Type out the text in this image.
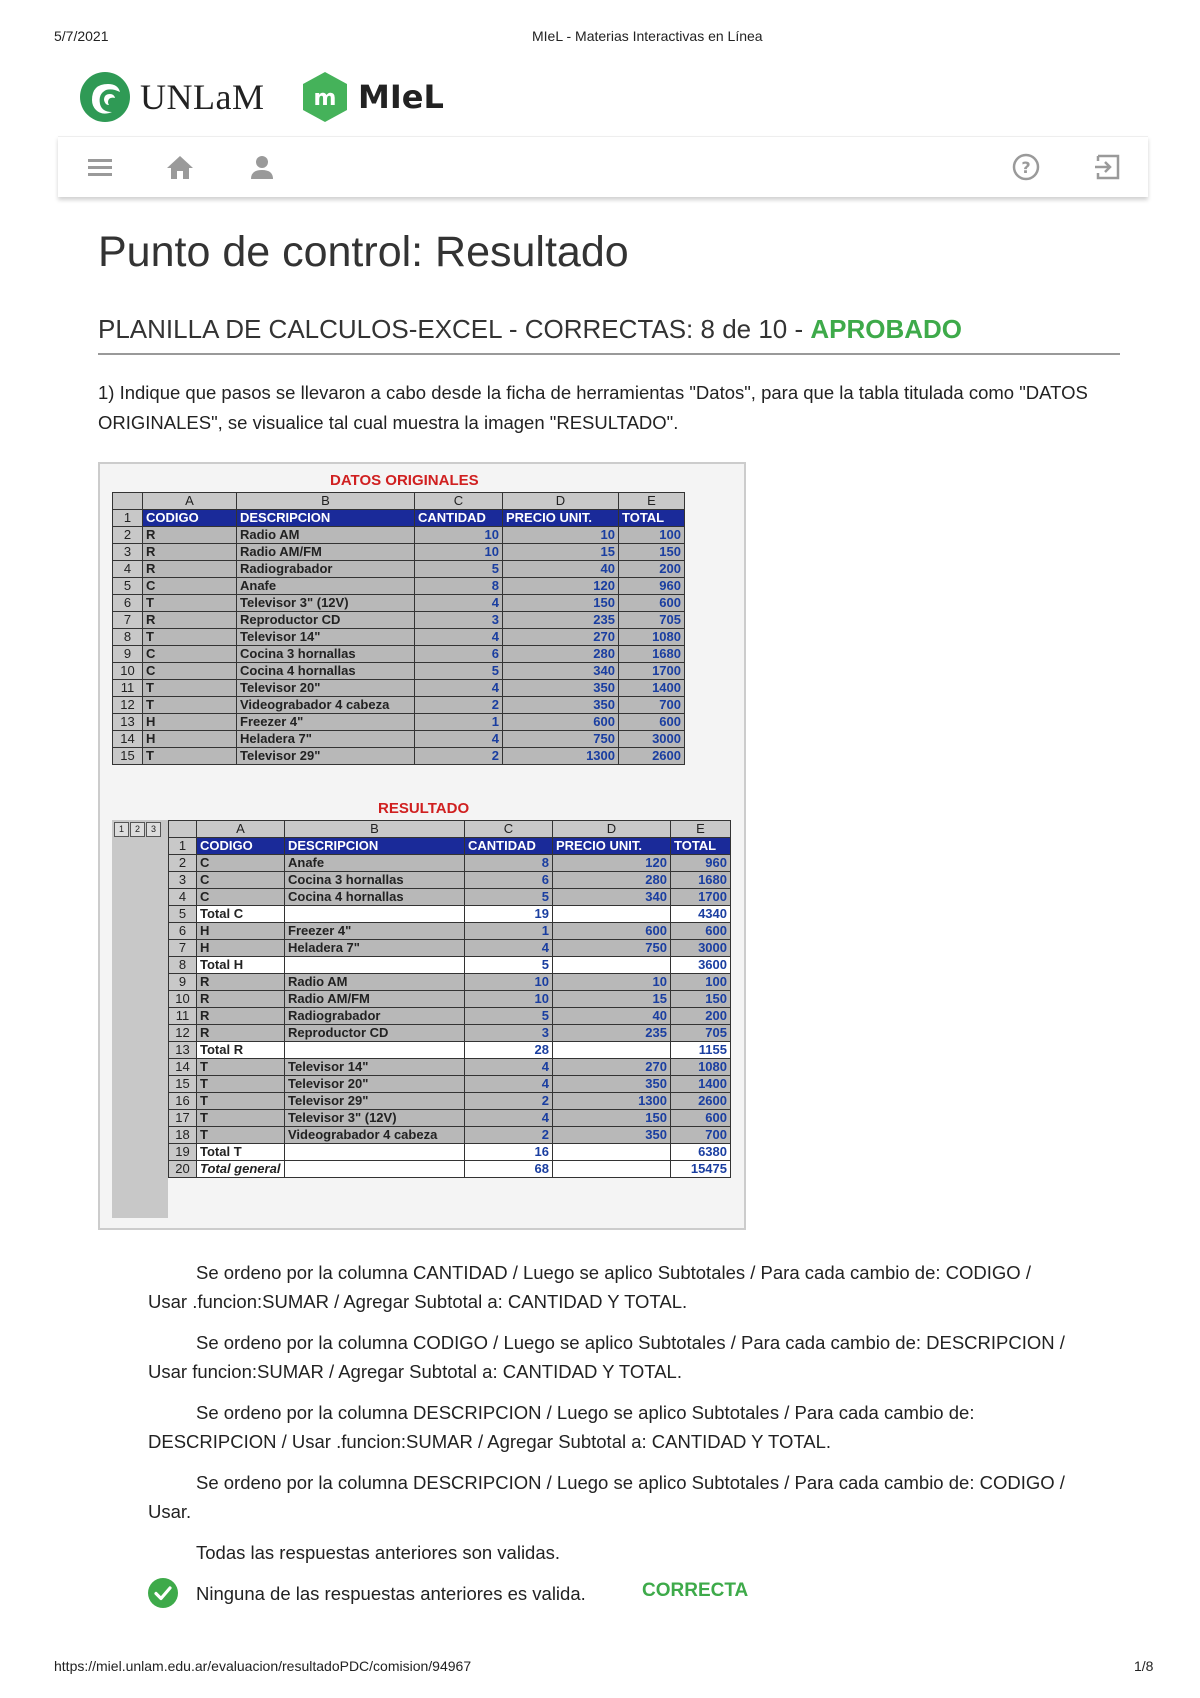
5/7/2021	MIeL - Materias Interactivas en Línea
UNLaM m MIeL
?
Punto de control: Resultado
PLANILLA DE CALCULOS-EXCEL - CORRECTAS: 8 de 10 - APROBADO
1) Indique que pasos se llevaron a cabo desde la ficha de herramientas "Datos", para que la tabla titulada como "DATOS ORIGINALES", se visualice tal cual muestra la imagen "RESULTADO".
DATOS ORIGINALES
	A	B	C	D	E
1	CODIGO	DESCRIPCION	CANTIDAD	PRECIO UNIT.	TOTAL
2	R	Radio AM	10	10	100
3	R	Radio AM/FM	10	15	150
4	R	Radiograbador	5	40	200
5	C	Anafe	8	120	960
6	T	Televisor 3" (12V)	4	150	600
7	R	Reproductor CD	3	235	705
8	T	Televisor 14"	4	270	1080
9	C	Cocina 3 hornallas	6	280	1680
10	C	Cocina 4 hornallas	5	340	1700
11	T	Televisor 20"	4	350	1400
12	T	Videograbador 4 cabeza	2	350	700
13	H	Freezer 4"	1	600	600
14	H	Heladera 7"	4	750	3000
15	T	Televisor 29"	2	1300	2600
RESULTADO
1	2	3
		A	B	C	D	E
1	CODIGO	DESCRIPCION	CANTIDAD	PRECIO UNIT.	TOTAL
2	C	Anafe	8	120	960
3	C	Cocina 3 hornallas	6	280	1680
4	C	Cocina 4 hornallas	5	340	1700
5	Total C		19		4340
6	H	Freezer 4"	1	600	600
7	H	Heladera 7"	4	750	3000
8	Total H		5		3600
9	R	Radio AM	10	10	100
10	R	Radio AM/FM	10	15	150
11	R	Radiograbador	5	40	200
12	R	Reproductor CD	3	235	705
13	Total R		28		1155
14	T	Televisor 14"	4	270	1080
15	T	Televisor 20"	4	350	1400
16	T	Televisor 29"	2	1300	2600
17	T	Televisor 3" (12V)	4	150	600
18	T	Videograbador 4 cabeza	2	350	700
19	Total T		16		6380
20	Total general		68		15475
Se ordeno por la columna CANTIDAD / Luego se aplico Subtotales / Para cada cambio de: CODIGO /
Usar .funcion:SUMAR / Agregar Subtotal a: CANTIDAD Y TOTAL.
Se ordeno por la columna CODIGO / Luego se aplico Subtotales / Para cada cambio de: DESCRIPCION /
Usar funcion:SUMAR / Agregar Subtotal a: CANTIDAD Y TOTAL.
Se ordeno por la columna DESCRIPCION / Luego se aplico Subtotales / Para cada cambio de:
DESCRIPCION / Usar .funcion:SUMAR / Agregar Subtotal a: CANTIDAD Y TOTAL.
Se ordeno por la columna DESCRIPCION / Luego se aplico Subtotales / Para cada cambio de: CODIGO /
Usar.
Todas las respuestas anteriores son validas.
Ninguna de las respuestas anteriores es valida.	CORRECTA
https://miel.unlam.edu.ar/evaluacion/resultadoPDC/comision/94967	1/8
